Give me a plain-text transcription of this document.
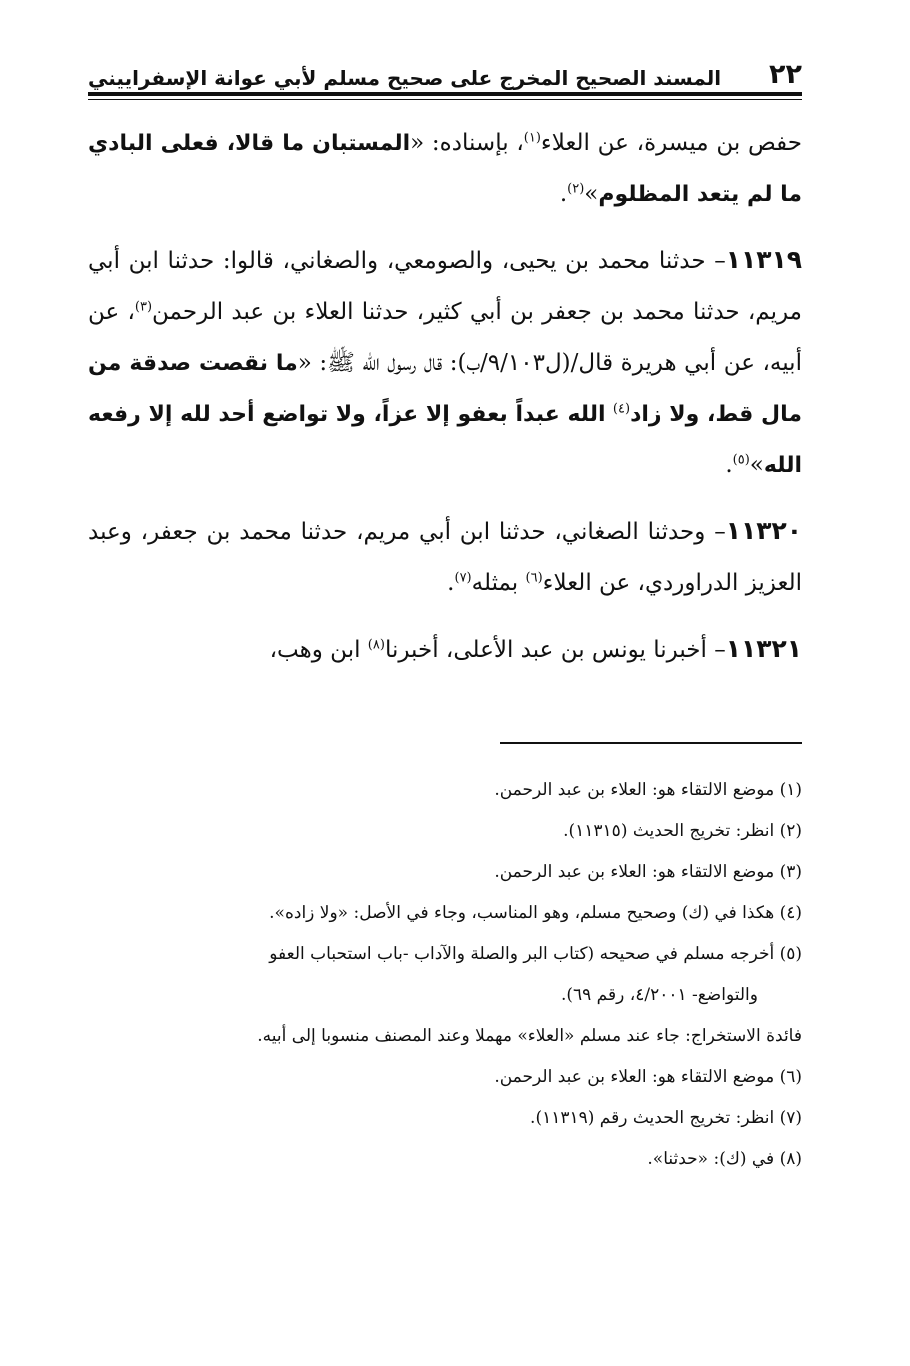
٢٢
المسند الصحيح المخرج على صحيح مسلم لأبي عوانة الإسفراييني

حفص بن ميسرة، عن العلاء$^{(١)}$، بإسناده: «المستبان ما قالا، فعلى البادي ما لم يتعد المظلوم»$^{(٢)}$.

١١٣١٩– حدثنا محمد بن يحيى، والصومعي، والصغاني، قالوا: حدثنا ابن أبي مريم، حدثنا محمد بن جعفر بن أبي كثير، حدثنا العلاء بن عبد الرحمن$^{(٣)}$، عن أبيه، عن أبي هريرة قال/(ل٩/١٠٣/ب): قال رسول الله ﷺ: «ما نقصت صدقة من مال قط، ولا زاد$^{(٤)}$ الله عبداً بعفو إلا عزاً، ولا تواضع أحد لله إلا رفعه الله»$^{(٥)}$.

١١٣٢٠– وحدثنا الصغاني، حدثنا ابن أبي مريم، حدثنا محمد بن جعفر، وعبد العزيز الدراوردي، عن العلاء$^{(٦)}$ بمثله$^{(٧)}$.

١١٣٢١– أخبرنا يونس بن عبد الأعلى، أخبرنا$^{(٨)}$ ابن وهب،

(١) موضع الالتقاء هو: العلاء بن عبد الرحمن.

(٢) انظر: تخريج الحديث (١١٣١٥).

(٣) موضع الالتقاء هو: العلاء بن عبد الرحمن.

(٤) هكذا في (ك) وصحيح مسلم، وهو المناسب، وجاء في الأصل: «ولا زاده».

(٥) أخرجه مسلم في صحيحه (كتاب البر والصلة والآداب -باب استحباب العفو

والتواضع- ٤/٢٠٠١، رقم ٦٩).

فائدة الاستخراج: جاء عند مسلم «العلاء» مهملا وعند المصنف منسوبا إلى أبيه.

(٦) موضع الالتقاء هو: العلاء بن عبد الرحمن.

(٧) انظر: تخريج الحديث رقم (١١٣١٩).

(٨) في (ك): «حدثنا».
